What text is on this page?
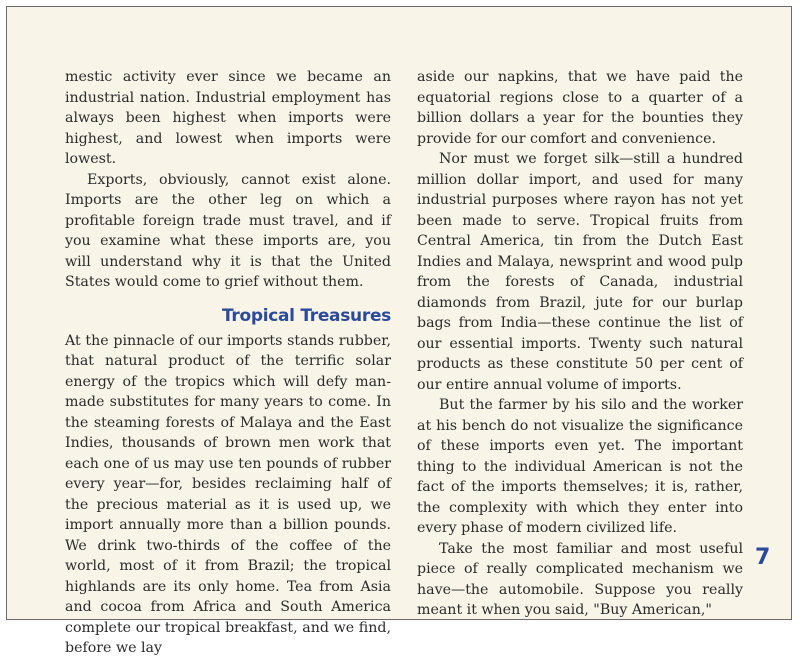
mestic activity ever since we became an industrial nation. Industrial employment has always been highest when imports were highest, and lowest when imports were lowest.

Exports, obviously, cannot exist alone. Imports are the other leg on which a profitable foreign trade must travel, and if you examine what these imports are, you will understand why it is that the United States would come to grief without them.

Tropical Treasures

At the pinnacle of our imports stands rubber, that natural product of the terrific solar energy of the tropics which will defy man-made substitutes for many years to come. In the steaming forests of Malaya and the East Indies, thousands of brown men work that each one of us may use ten pounds of rubber every year—for, besides reclaiming half of the precious material as it is used up, we import annually more than a billion pounds. We drink two-thirds of the coffee of the world, most of it from Brazil; the tropical highlands are its only home. Tea from Asia and cocoa from Africa and South America complete our tropical breakfast, and we find, before we lay

aside our napkins, that we have paid the equatorial regions close to a quarter of a billion dollars a year for the bounties they provide for our comfort and convenience.

Nor must we forget silk—still a hundred million dollar import, and used for many industrial purposes where rayon has not yet been made to serve. Tropical fruits from Central America, tin from the Dutch East Indies and Malaya, newsprint and wood pulp from the forests of Canada, industrial diamonds from Brazil, jute for our burlap bags from India—these continue the list of our essential imports. Twenty such natural products as these constitute 50 per cent of our entire annual volume of imports.

But the farmer by his silo and the worker at his bench do not visualize the significance of these imports even yet. The important thing to the individual American is not the fact of the imports themselves; it is, rather, the complexity with which they enter into every phase of modern civilized life.

Take the most familiar and most useful piece of really complicated mechanism we have—the automobile. Suppose you really meant it when you said, "Buy American,"

7
